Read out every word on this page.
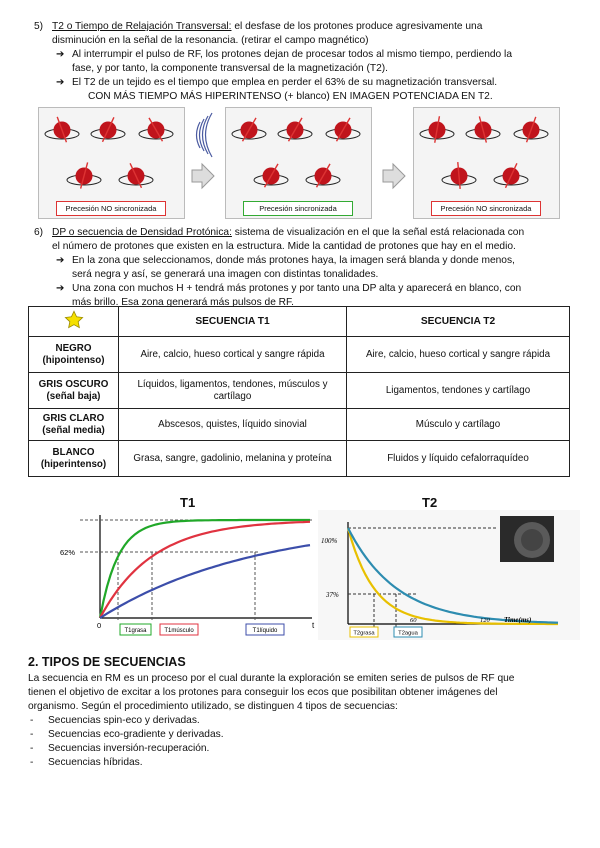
5) T2 o Tiempo de Relajación Transversal: el desfase de los protones produce agresivamente una
disminución en la señal de la resonancia. (retirar el campo magnético)
➔ Al interrumpir el pulso de RF, los protones dejan de procesar todos al mismo tiempo, perdiendo la
fase, y por tanto, la componente transversal de la magnetización (T2).
➔ El T2 de un tejido es el tiempo que emplea en perder el 63% de su magnetización transversal.
CON MÁS TIEMPO MÁS HIPERINTENSO (+ blanco) EN IMAGEN POTENCIADA EN T2.
Precesión NO sincronizada	Precesión sincronizada	Precesión NO sincronizada
6) DP o secuencia de Densidad Protónica: sistema de visualización en el que la señal está relacionada con
el número de protones que existen en la estructura. Mide la cantidad de protones que hay en el medio.
➔ En la zona que seleccionamos, donde más protones haya, la imagen será blanda y donde menos,
será negra y así, se generará una imagen con distintas tonalidades.
➔ Una zona con muchos H + tendrá más protones y por tanto una DP alta y aparecerá en blanco, con
más brillo. Esa zona generará más pulsos de RF.
	SECUENCIA T1	SECUENCIA T2

NEGRO
(hipointenso)	Aire, calcio, hueso cortical y sangre rápida	Aire, calcio, hueso cortical y sangre rápida

GRIS OSCURO
(señal baja)	Líquidos, ligamentos, tendones, músculos y cartílago	Ligamentos, tendones y cartílago

GRIS CLARO
(señal media)	Abscesos, quistes, líquido sinovial	Músculo y cartílago

BLANCO
(hiperintenso)	Grasa, sangre, gadolinio, melanina y proteína	Fluidos y líquido cefalorraquídeo
T1	T2
62%
0	t
T1grasa	T1músculo	T1líquido
100%
37%
60	120 Time(ms)
T2grasa	T2agua
2. TIPOS DE SECUENCIAS
La secuencia en RM es un proceso por el cual durante la exploración se emiten series de pulsos de RF que
tienen el objetivo de excitar a los protones para conseguir los ecos que posibilitan obtener imágenes del
organismo. Según el procedimiento utilizado, se distinguen 4 tipos de secuencias:
- Secuencias spin-eco y derivadas.
- Secuencias eco-gradiente y derivadas.
- Secuencias inversión-recuperación.
- Secuencias híbridas.
